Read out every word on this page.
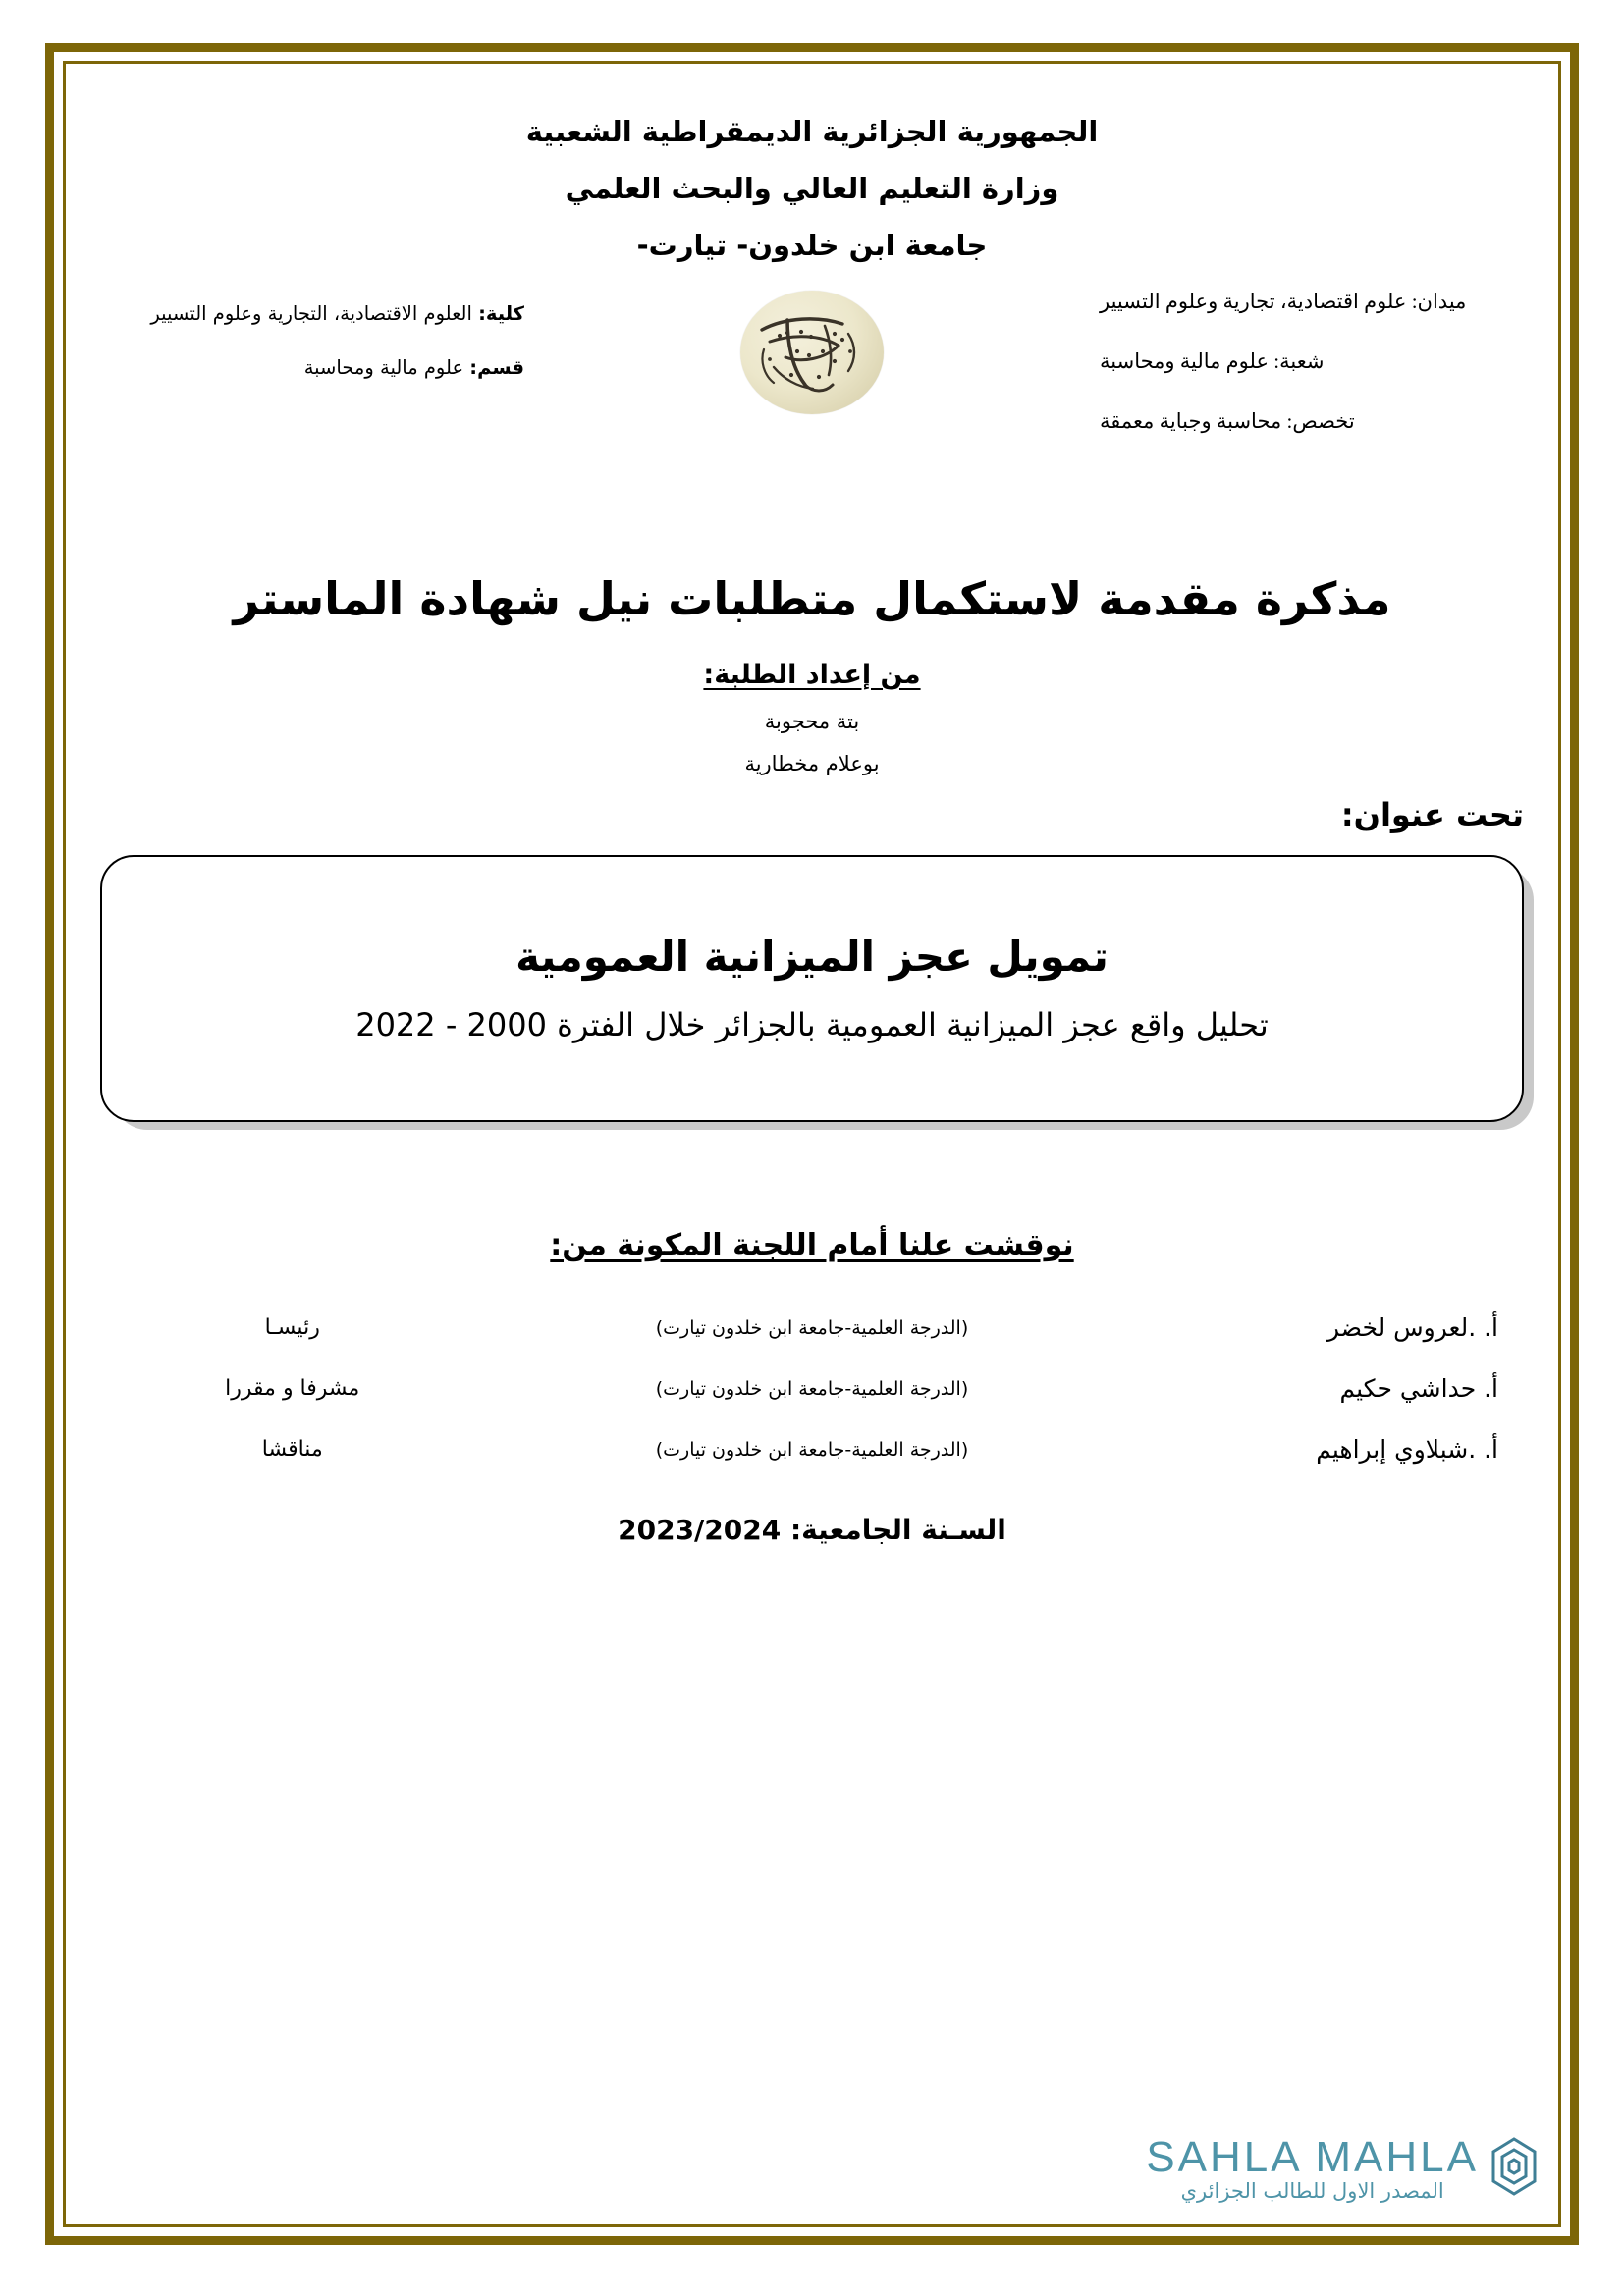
الجمهورية الجزائرية الديمقراطية الشعبية
وزارة التعليم العالي والبحث العلمي
جامعة ابن خلدون- تيارت-
كلية: العلوم الاقتصادية، التجارية وعلوم التسيير
قسم: علوم مالية ومحاسبة
ميدان: علوم اقتصادية، تجارية وعلوم التسيير
شعبة: علوم مالية ومحاسبة
تخصص: محاسبة وجباية معمقة
مذكرة مقدمة لاستكمال متطلبات نيل شهادة الماستر
من إعداد الطلبة:
بتة محجوبة
بوعلام مخطارية
تحت عنوان:
تمويل عجز الميزانية العمومية
تحليل واقع عجز الميزانية العمومية بالجزائر خلال الفترة 2000 - 2022
نوقشت علنا أمام اللجنة المكونة من:
أ. .لعروس لخضر	(الدرجة العلمية-جامعة ابن خلدون تيارت)	رئيسـا
أ. حداشي حكيم	(الدرجة العلمية-جامعة ابن خلدون تيارت)	مشرفا و مقررا
أ. .شبلاوي إبراهيم	(الدرجة العلمية-جامعة ابن خلدون تيارت)	مناقشا
السـنة الجامعية: 2023/2024
SAHLA MAHLA
المصدر الاول للطالب الجزائري
